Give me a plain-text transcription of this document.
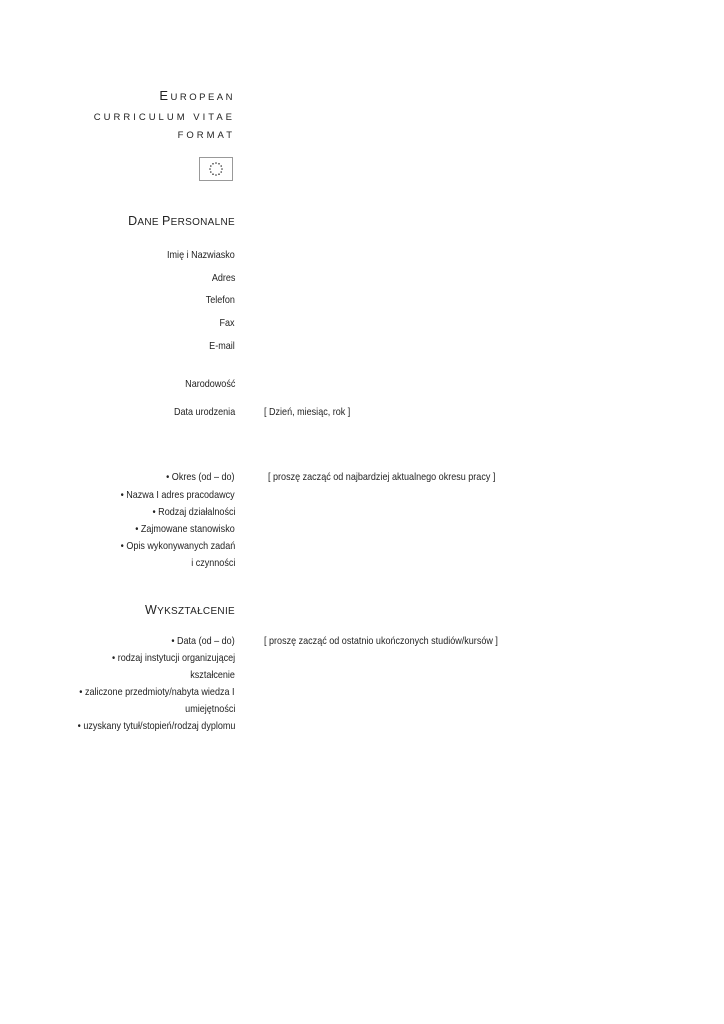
EUROPEAN
CURRICULUM VITAE
FORMAT
DANE PERSONALNE
Imię i Nazwiasko
Adres
Telefon
Fax
E-mail
Narodowość
Data urodzenia	[ Dzień, miesiąc, rok ]
• Okres (od – do)	[ proszę zacząć od najbardziej aktualnego okresu pracy ]
• Nazwa I adres pracodawcy
• Rodzaj działalności
• Zajmowane stanowisko
• Opis wykonywanych zadań
i czynności
WYKSZTAŁCENIE
• Data (od – do)	[ proszę zacząć od ostatnio ukończonych studiów/kursów ]
• rodzaj instytucji organizującej
kształcenie
• zaliczone przedmioty/nabyta wiedza I
umiejętności
• uzyskany tytuł/stopień/rodzaj dyplomu
